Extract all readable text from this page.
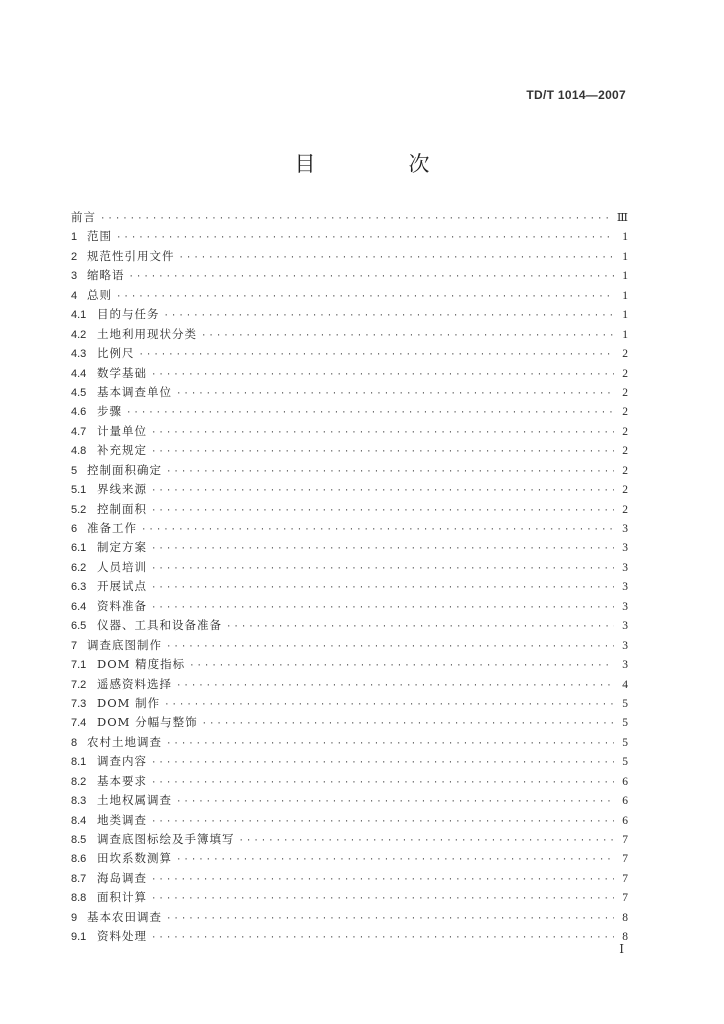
TD/T 1014—2007
目　次
前言 ·····	Ⅲ
1 范围 ·····	1
2 规范性引用文件 ·····	1
3 缩略语 ·····	1
4 总则 ·····	1
4.1 目的与任务 ·····	1
4.2 土地利用现状分类 ·····	1
4.3 比例尺 ·····	2
4.4 数学基础 ·····	2
4.5 基本调查单位 ·····	2
4.6 步骤 ·····	2
4.7 计量单位 ·····	2
4.8 补充规定 ·····	2
5 控制面积确定 ·····	2
5.1 界线来源 ·····	2
5.2 控制面积 ·····	2
6 准备工作 ·····	3
6.1 制定方案 ·····	3
6.2 人员培训 ·····	3
6.3 开展试点 ·····	3
6.4 资料准备 ·····	3
6.5 仪器、工具和设备准备 ·····	3
7 调查底图制作 ·····	3
7.1 DOM 精度指标 ·····	3
7.2 遥感资料选择 ·····	4
7.3 DOM 制作 ·····	5
7.4 DOM 分幅与整饰 ·····	5
8 农村土地调查 ·····	5
8.1 调查内容 ·····	5
8.2 基本要求 ·····	6
8.3 土地权属调查 ·····	6
8.4 地类调查 ·····	6
8.5 调查底图标绘及手簿填写 ·····	7
8.6 田坎系数测算 ·····	7
8.7 海岛调查 ·····	7
8.8 面积计算 ·····	7
9 基本农田调查 ·····	8
9.1 资料处理 ·····	8
I
